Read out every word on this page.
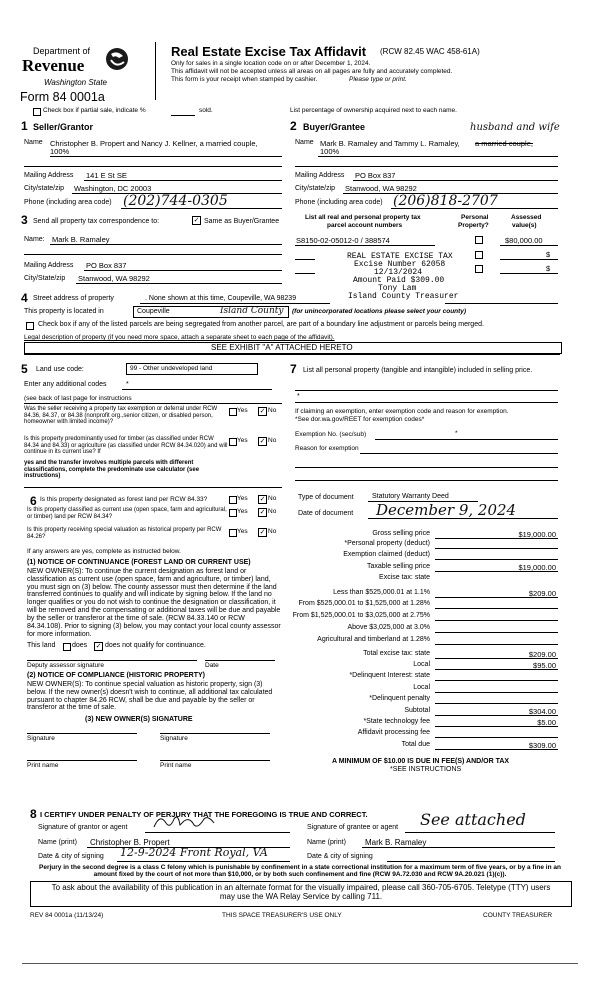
Department of
Revenue
Washington State
Form 84 0001a
Real Estate Excise Tax Affidavit (RCW 82.45 WAC 458-61A)
Only for sales in a single location code on or after December 1, 2024.
This affidavit will not be accepted unless all areas on all pages are fully and accurately completed.
This form is your receipt when stamped by cashier.	Please type or print.
Check box if partial sale, indicate %	sold.	List percentage of ownership acquired next to each name.
1 Seller/Grantor
Name Christopher B. Propert and Nancy J. Kellner, a married couple,
100%
Mailing Address 141 E St SE
City/state/zip Washington, DC 20003
Phone (including area code) (202)744-0305
2 Buyer/Grantee	husband and wife
Name Mark B. Ramaley and Tammy L. Ramaley, a married couple,
100%
Mailing Address PO Box 837
City/state/zip Stanwood, WA 98292
Phone (including area code) (206)818-2707
3 Send all property tax correspondence to:	✓ Same as Buyer/Grantee
Name: Mark B. Ramaley
Mailing Address PO Box 837
City/State/zip Stanwood, WA 98292
List all real and personal property tax
parcel account numbers
Personal
Property?
Assessed
value(s)
S8150-02-05012-0 / 388574	$80,000.00
$
$
REAL ESTATE EXCISE TAX
Excise Number 62058
12/13/2024
Amount Paid $309.00
Tony Lam
Island County Treasurer
4 Street address of property	. None shown at this time, Coupeville, WA 98239
This property is located in	Coupeville	Island County (for unincorporated locations please select your county)
Check box if any of the listed parcels are being segregated from another parcel, are part of a boundary line adjustment or parcels being merged.
Legal description of property (if you need more space, attach a separate sheet to each page of the affidavit).
SEE EXHIBIT "A" ATTACHED HERETO
5 Land use code:	99 - Other undeveloped land
Enter any additional codes	*
(see back of last page for instructions
Was the seller receiving a property tax exemption or deferral under RCW 84.36, 84.37, or 84.38 (nonprofit org.,senior citizen, or disabled person, homeowner with limited income)?
Yes ✓ No
Is this property predominantly used for timber (as classified under RCW 84.34 and 84.33) or agriculture (as classified under RCW 84.34.020) and will continue in its current use? If
yes and the transfer involves multiple parcels with different classifications, complete the predominate use calculator (see instructions)
Yes ✓ No
7 List all personal property (tangible and intangible) included in selling price.
*
If claiming an exemption, enter exemption code and reason for exemption.
*See dor.wa.gov/REET for exemption codes*
Exemption No. (sec/sub)	*
Reason for exemption
6 Is this property designated as forest land per RCW 84.33?	Yes ✓ No
Is this property classified as current use (open space, farm and agricultural, or timber) land per RCW 84.34?
Yes ✓ No
Is this property receiving special valuation as historical property per RCW 84.26?
Yes ✓ No
If any answers are yes, complete as instructed below.
(1) NOTICE OF CONTINUANCE (FOREST LAND OR CURRENT USE)
NEW OWNER(S): To continue the current designation as forest land or classification as current use (open space, farm and agriculture, or timber) land, you must sign on (3) below. The county assessor must then determine if the land transferred continues to qualify and will indicate by signing below. If the land no longer qualifies or you do not wish to continue the designation or classification, it will be removed and the compensating or additional taxes will be due and payable by the seller or transferor at the time of sale. (RCW 84.33.140 or RCW 84.34.108). Prior to signing (3) below, you may contact your local county assessor for more information.
This land does ✓ does not qualify for continuance.
Deputy assessor signature	Date
(2) NOTICE OF COMPLIANCE (HISTORIC PROPERTY)
NEW OWNER(S): To continue special valuation as historic property, sign (3) below. If the new owner(s) doesn't wish to continue, all additional tax calculated pursuant to chapter 84.26 RCW, shall be due and payable by the seller or transferor at the time of sale.
(3) NEW OWNER(S) SIGNATURE
Signature	Signature
Print name	Print name
Type of document	Statutory Warranty Deed
Date of document December 9, 2024
Gross selling price	$19,000.00
*Personal property (deduct)
Exemption claimed (deduct)
Taxable selling price	$19,000.00
Excise tax: state
Less than $525,000.01 at 1.1%	$209.00
From $525,000.01 to $1,525,000 at 1.28%
From $1,525,000.01 to $3,025,000 at 2.75%
Above $3,025,000 at 3.0%
Agricultural and timberland at 1.28%
Total excise tax: state	$209.00
Local	$95.00
*Delinquent Interest: state
Local
*Delinquent penalty
Subtotal	$304.00
*State technology fee	$5.00
Affidavit processing fee
Total due	$309.00
A MINIMUM OF $10.00 IS DUE IN FEE(S) AND/OR TAX
*SEE INSTRUCTIONS
8 I CERTIFY UNDER PENALTY OF PERJURY THAT THE FOREGOING IS TRUE AND CORRECT.
Signature of grantor or agent	Signature of grantee or agent See attached
Name (print) Christopher B. Propert	Name (print) Mark B. Ramaley
Date & city of signing 12-9-2024 Front Royal, VA	Date & city of signing
Perjury in the second degree is a class C felony which is punishable by confinement in a state correctional institution for a maximum term of five years, or by a fine in an amount fixed by the court of not more than $10,000, or by both such confinement and fine (RCW 9A.72.030 and RCW 9A.20.021 (1)(c)).
To ask about the availability of this publication in an alternate format for the visually impaired, please call 360-705-6705. Teletype (TTY) users may use the WA Relay Service by calling 711.
REV 84 0001a (11/13/24)	THIS SPACE TREASURER'S USE ONLY	COUNTY TREASURER
